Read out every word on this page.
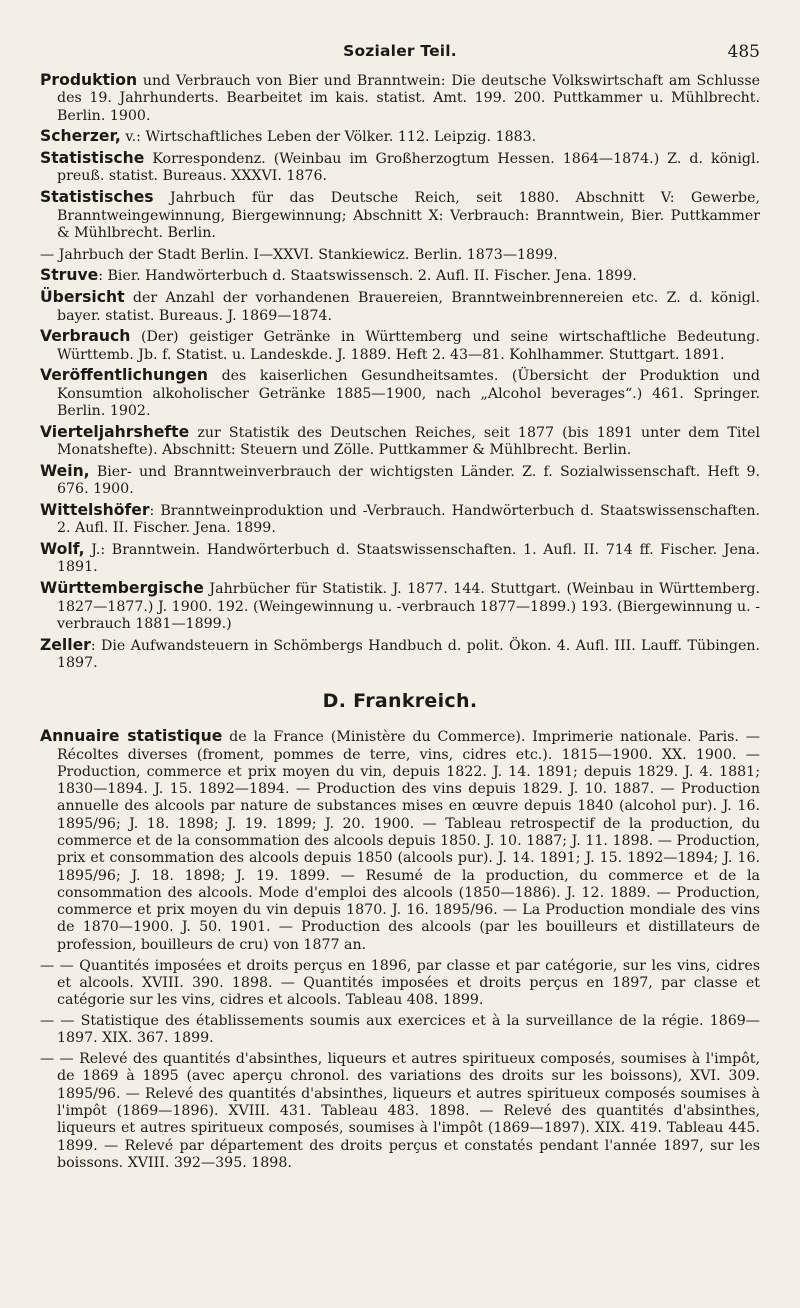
Sozialer Teil.	485

Produktion und Verbrauch von Bier und Branntwein: Die deutsche Volkswirtschaft am Schlusse des 19. Jahrhunderts. Bearbeitet im kais. statist. Amt. 199. 200. Puttkammer u. Mühlbrecht. Berlin. 1900.

Scherzer, v.: Wirtschaftliches Leben der Völker. 112. Leipzig. 1883.

Statistische Korrespondenz. (Weinbau im Großherzogtum Hessen. 1864—1874.) Z. d. königl. preuß. statist. Bureaus. XXXVI. 1876.

Statistisches Jahrbuch für das Deutsche Reich, seit 1880. Abschnitt V: Gewerbe, Branntweingewinnung, Biergewinnung; Abschnitt X: Verbrauch: Branntwein, Bier. Puttkammer & Mühlbrecht. Berlin.

— Jahrbuch der Stadt Berlin. I—XXVI. Stankiewicz. Berlin. 1873—1899.

Struve: Bier. Handwörterbuch d. Staatswissensch. 2. Aufl. II. Fischer. Jena. 1899.

Übersicht der Anzahl der vorhandenen Brauereien, Branntweinbrennereien etc. Z. d. königl. bayer. statist. Bureaus. J. 1869—1874.

Verbrauch (Der) geistiger Getränke in Württemberg und seine wirtschaftliche Bedeutung. Württemb. Jb. f. Statist. u. Landeskde. J. 1889. Heft 2. 43—81. Kohlhammer. Stuttgart. 1891.

Veröffentlichungen des kaiserlichen Gesundheitsamtes. (Übersicht der Produktion und Konsumtion alkoholischer Getränke 1885—1900, nach „Alcohol beverages“.) 461. Springer. Berlin. 1902.

Vierteljahrshefte zur Statistik des Deutschen Reiches, seit 1877 (bis 1891 unter dem Titel Monatshefte). Abschnitt: Steuern und Zölle. Puttkammer & Mühlbrecht. Berlin.

Wein, Bier- und Branntweinverbrauch der wichtigsten Länder. Z. f. Sozialwissenschaft. Heft 9. 676. 1900.

Wittelshöfer: Branntweinproduktion und -Verbrauch. Handwörterbuch d. Staatswissenschaften. 2. Aufl. II. Fischer. Jena. 1899.

Wolf, J.: Branntwein. Handwörterbuch d. Staatswissenschaften. 1. Aufl. II. 714 ff. Fischer. Jena. 1891.

Württembergische Jahrbücher für Statistik. J. 1877. 144. Stuttgart. (Weinbau in Württemberg. 1827—1877.) J. 1900. 192. (Weingewinnung u. -verbrauch 1877—1899.) 193. (Biergewinnung u. -verbrauch 1881—1899.)

Zeller: Die Aufwandsteuern in Schömbergs Handbuch d. polit. Ökon. 4. Aufl. III. Lauff. Tübingen. 1897.

D. Frankreich.

Annuaire statistique de la France (Ministère du Commerce). Imprimerie nationale. Paris. — Récoltes diverses (froment, pommes de terre, vins, cidres etc.). 1815—1900. XX. 1900. — Production, commerce et prix moyen du vin, depuis 1822. J. 14. 1891; depuis 1829. J. 4. 1881; 1830—1894. J. 15. 1892—1894. — Production des vins depuis 1829. J. 10. 1887. — Production annuelle des alcools par nature de substances mises en œuvre depuis 1840 (alcohol pur). J. 16. 1895/96; J. 18. 1898; J. 19. 1899; J. 20. 1900. — Tableau retrospectif de la production, du commerce et de la consommation des alcools depuis 1850. J. 10. 1887; J. 11. 1898. — Production, prix et consommation des alcools depuis 1850 (alcools pur). J. 14. 1891; J. 15. 1892—1894; J. 16. 1895/96; J. 18. 1898; J. 19. 1899. — Resumé de la production, du commerce et de la consommation des alcools. Mode d'emploi des alcools (1850—1886). J. 12. 1889. — Production, commerce et prix moyen du vin depuis 1870. J. 16. 1895/96. — La Production mondiale des vins de 1870—1900. J. 50. 1901. — Production des alcools (par les bouilleurs et distillateurs de profession, bouilleurs de cru) von 1877 an.

— — Quantités imposées et droits perçus en 1896, par classe et par catégorie, sur les vins, cidres et alcools. XVIII. 390. 1898. — Quantités imposées et droits perçus en 1897, par classe et catégorie sur les vins, cidres et alcools. Tableau 408. 1899.

— — Statistique des établissements soumis aux exercices et à la surveillance de la régie. 1869—1897. XIX. 367. 1899.

— — Relevé des quantités d'absinthes, liqueurs et autres spiritueux composés, soumises à l'impôt, de 1869 à 1895 (avec aperçu chronol. des variations des droits sur les boissons), XVI. 309. 1895/96. — Relevé des quantités d'absinthes, liqueurs et autres spiritueux composés soumises à l'impôt (1869—1896). XVIII. 431. Tableau 483. 1898. — Relevé des quantités d'absinthes, liqueurs et autres spiritueux composés, soumises à l'impôt (1869—1897). XIX. 419. Tableau 445. 1899. — Relevé par département des droits perçus et constatés pendant l'année 1897, sur les boissons. XVIII. 392—395. 1898.
